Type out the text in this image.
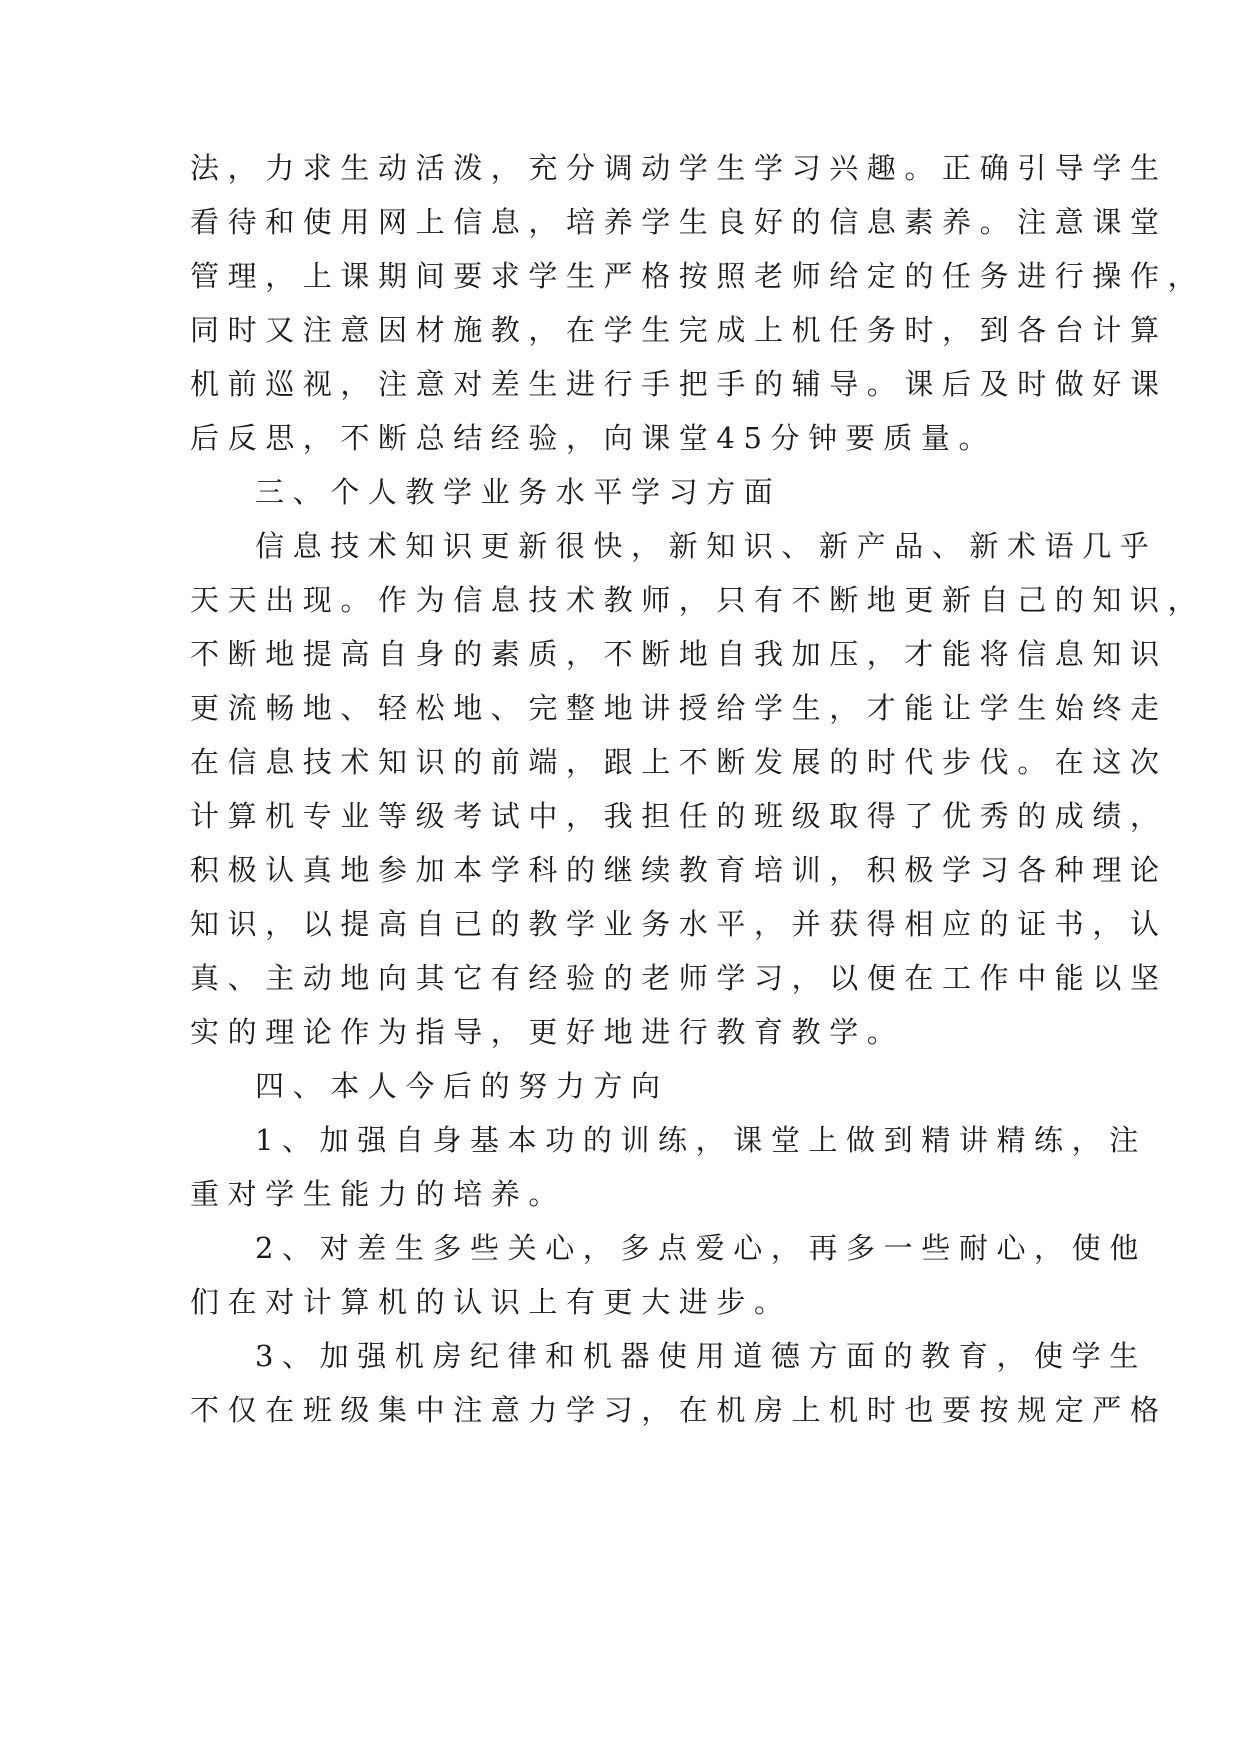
法，力求生动活泼，充分调动学生学习兴趣。正确引导学生
看待和使用网上信息，培养学生良好的信息素养。注意课堂
管理，上课期间要求学生严格按照老师给定的任务进行操作，
同时又注意因材施教，在学生完成上机任务时，到各台计算
机前巡视，注意对差生进行手把手的辅导。课后及时做好课
后反思，不断总结经验，向课堂45分钟要质量。
三、个人教学业务水平学习方面
信息技术知识更新很快，新知识、新产品、新术语几乎
天天出现。作为信息技术教师，只有不断地更新自己的知识，
不断地提高自身的素质，不断地自我加压，才能将信息知识
更流畅地、轻松地、完整地讲授给学生，才能让学生始终走
在信息技术知识的前端，跟上不断发展的时代步伐。在这次
计算机专业等级考试中，我担任的班级取得了优秀的成绩，
积极认真地参加本学科的继续教育培训，积极学习各种理论
知识，以提高自已的教学业务水平，并获得相应的证书，认
真、主动地向其它有经验的老师学习，以便在工作中能以坚
实的理论作为指导，更好地进行教育教学。
四、本人今后的努力方向
1、加强自身基本功的训练，课堂上做到精讲精练，注
重对学生能力的培养。
2、对差生多些关心，多点爱心，再多一些耐心，使他
们在对计算机的认识上有更大进步。
3、加强机房纪律和机器使用道德方面的教育，使学生
不仅在班级集中注意力学习，在机房上机时也要按规定严格
